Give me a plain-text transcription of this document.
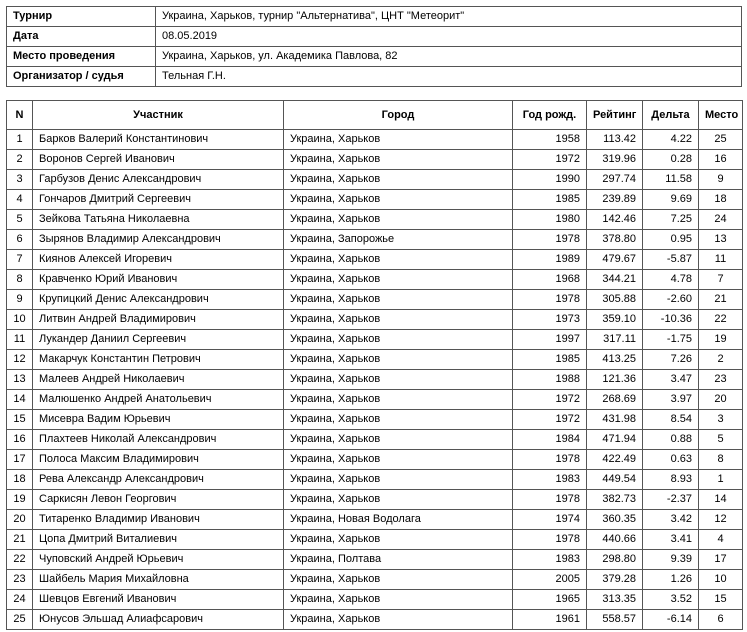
Турнир	Украина, Харьков, турнир "Альтернатива", ЦНТ "Метеорит"
Дата	08.05.2019
Место проведения	Украина, Харьков, ул. Академика Павлова, 82
Организатор / судья	Тельная Г.Н.
N	Участник	Город	Год рожд.	Рейтинг	Дельта	Место
1	Барков Валерий Константинович	Украина, Харьков	1958	113.42	4.22	25
2	Воронов Сергей Иванович	Украина, Харьков	1972	319.96	0.28	16
3	Гарбузов Денис Александрович	Украина, Харьков	1990	297.74	11.58	9
4	Гончаров Дмитрий Сергеевич	Украина, Харьков	1985	239.89	9.69	18
5	Зейкова Татьяна Николаевна	Украина, Харьков	1980	142.46	7.25	24
6	Зырянов Владимир Александрович	Украина, Запорожье	1978	378.80	0.95	13
7	Киянов Алексей Игоревич	Украина, Харьков	1989	479.67	-5.87	11
8	Кравченко Юрий Иванович	Украина, Харьков	1968	344.21	4.78	7
9	Крупицкий Денис Александрович	Украина, Харьков	1978	305.88	-2.60	21
10	Литвин Андрей Владимирович	Украина, Харьков	1973	359.10	-10.36	22
11	Лукандер Даниил Сергеевич	Украина, Харьков	1997	317.11	-1.75	19
12	Макарчук Константин Петрович	Украина, Харьков	1985	413.25	7.26	2
13	Малеев Андрей Николаевич	Украина, Харьков	1988	121.36	3.47	23
14	Малюшенко Андрей Анатольевич	Украина, Харьков	1972	268.69	3.97	20
15	Мисевра Вадим Юрьевич	Украина, Харьков	1972	431.98	8.54	3
16	Плахтеев Николай Александрович	Украина, Харьков	1984	471.94	0.88	5
17	Полоса Максим Владимирович	Украина, Харьков	1978	422.49	0.63	8
18	Рева Александр Александрович	Украина, Харьков	1983	449.54	8.93	1
19	Саркисян Левон Георгович	Украина, Харьков	1978	382.73	-2.37	14
20	Титаренко Владимир Иванович	Украина, Новая Водолага	1974	360.35	3.42	12
21	Цопа Дмитрий Виталиевич	Украина, Харьков	1978	440.66	3.41	4
22	Чуповский Андрей Юрьевич	Украина, Полтава	1983	298.80	9.39	17
23	Шайбель Мария Михайловна	Украина, Харьков	2005	379.28	1.26	10
24	Шевцов Евгений Иванович	Украина, Харьков	1965	313.35	3.52	15
25	Юнусов Эльшад Алиафсарович	Украина, Харьков	1961	558.57	-6.14	6
